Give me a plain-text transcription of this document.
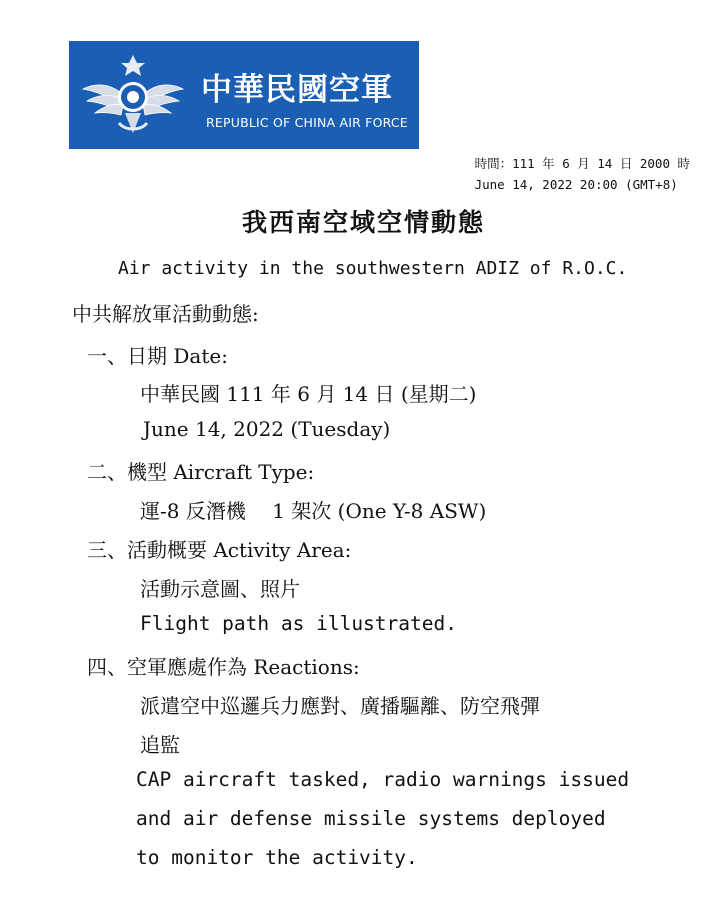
中華民國空軍
REPUBLIC OF CHINA AIR FORCE
時間：111 年 6 月 14 日 2000 時
June 14, 2022 20:00 (GMT+8)
我西南空域空情動態
Air activity in the southwestern ADIZ of R.O.C.
中共解放軍活動動態:
一、日期 Date:
中華民國 111 年 6 月 14 日 (星期二)
June 14, 2022 (Tuesday)
二、機型 Aircraft Type:
運-8 反潛機　 1 架次 (One Y-8 ASW)
三、活動概要 Activity Area:
活動示意圖、照片
Flight path as illustrated.
四、空軍應處作為 Reactions:
派遣空中巡邏兵力應對、廣播驅離、防空飛彈
追監
CAP aircraft tasked, radio warnings issued
and air defense missile systems deployed
to monitor the activity.
